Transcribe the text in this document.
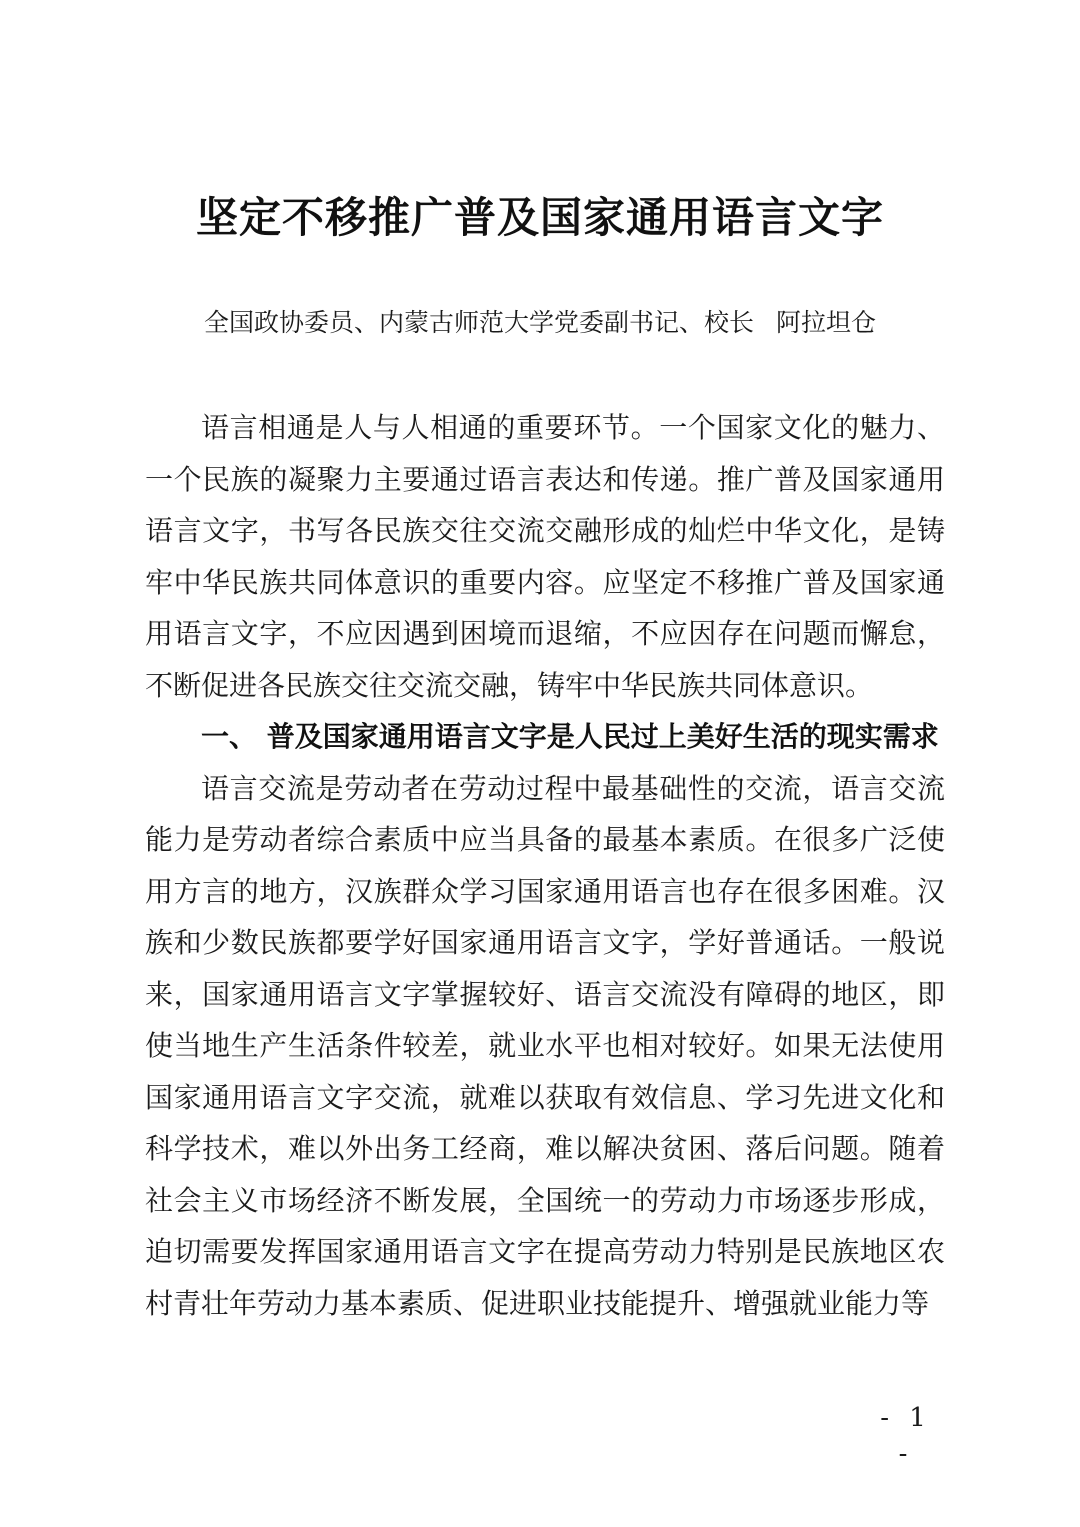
坚定不移推广普及国家通用语言文字
全国政协委员、内蒙古师范大学党委副书记、校长 阿拉坦仓

语言相通是人与人相通的重要环节。一个国家文化的魅力、一个民族的凝聚力主要通过语言表达和传递。推广普及国家通用语言文字，书写各民族交往交流交融形成的灿烂中华文化，是铸牢中华民族共同体意识的重要内容。应坚定不移推广普及国家通用语言文字，不应因遇到困境而退缩，不应因存在问题而懈怠，不断促进各民族交往交流交融，铸牢中华民族共同体意识。

一、 普及国家通用语言文字是人民过上美好生活的现实需求

语言交流是劳动者在劳动过程中最基础性的交流，语言交流能力是劳动者综合素质中应当具备的最基本素质。在很多广泛使用方言的地方，汉族群众学习国家通用语言也存在很多困难。汉族和少数民族都要学好国家通用语言文字，学好普通话。一般说来，国家通用语言文字掌握较好、语言交流没有障碍的地区，即使当地生产生活条件较差，就业水平也相对较好。如果无法使用国家通用语言文字交流，就难以获取有效信息、学习先进文化和科学技术，难以外出务工经商，难以解决贫困、落后问题。随着社会主义市场经济不断发展，全国统一的劳动力市场逐步形成，迫切需要发挥国家通用语言文字在提高劳动力特别是民族地区农村青壮年劳动力基本素质、促进职业技能提升、增强就业能力等

- 1 -
